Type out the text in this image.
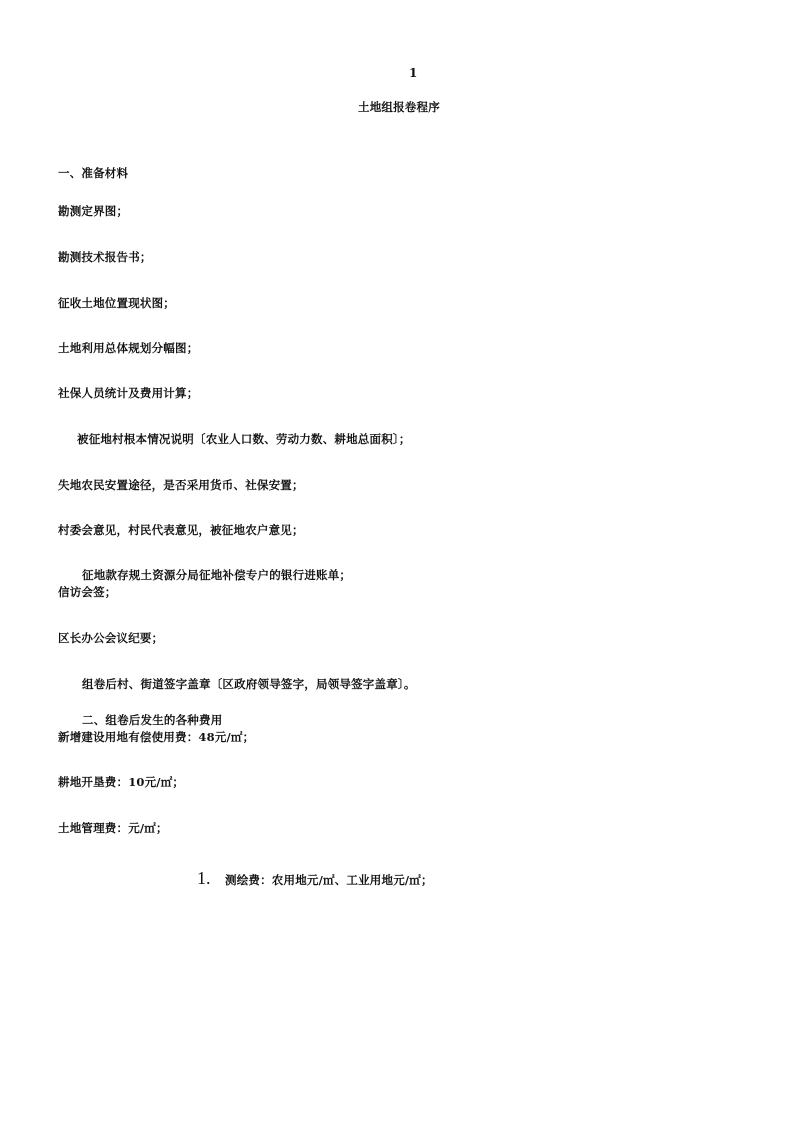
1
土地组报卷程序
一、准备材料
勘测定界图；
勘测技术报告书；
征收土地位置现状图；
土地利用总体规划分幅图；
社保人员统计及费用计算；
被征地村根本情况说明〔农业人口数、劳动力数、耕地总面积〕；
失地农民安置途径，是否采用货币、社保安置；
村委会意见，村民代表意见，被征地农户意见；
征地款存规土资源分局征地补偿专户的银行进账单；
信访会签；
区长办公会议纪要；
组卷后村、街道签字盖章〔区政府领导签字，局领导签字盖章〕。
二、组卷后发生的各种费用
新增建设用地有偿使用费：48元/㎡；
耕地开垦费：10元/㎡；
土地管理费：元/㎡；
1. 测绘费：农用地元/㎡、工业用地元/㎡；
